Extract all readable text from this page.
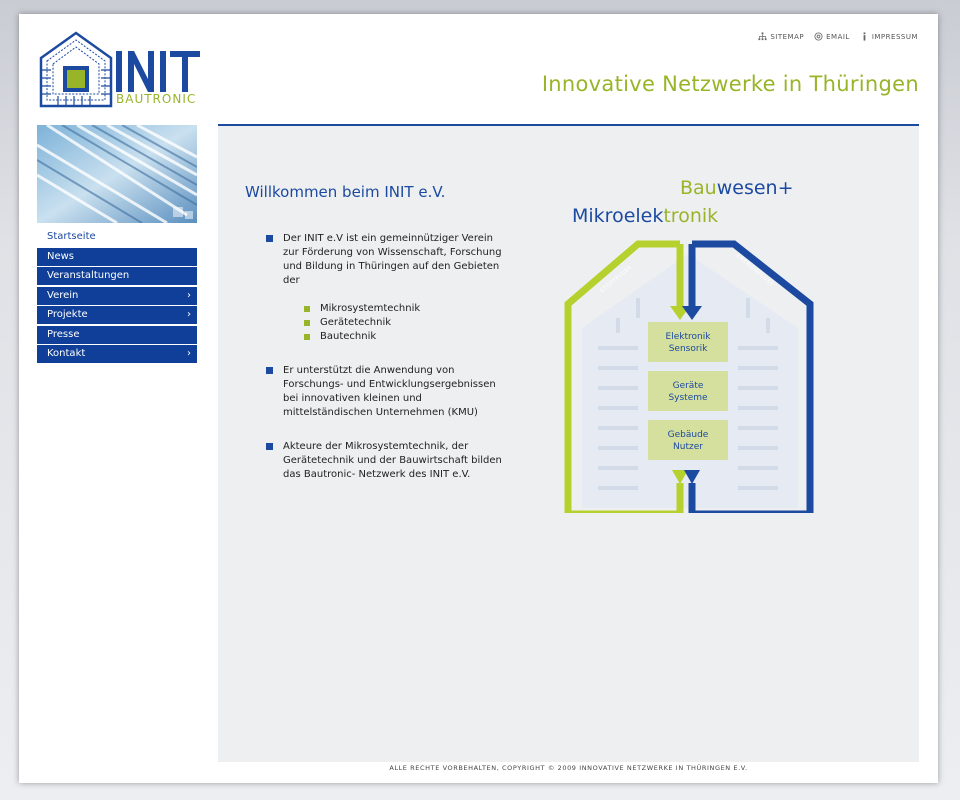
SITEMAP	EMAIL	IMPRESSUM
BAUTRONIC
Innovative Netzwerke in Thüringen
Startseite
News
Veranstaltungen
Verein	›
Projekte	›
Presse
Kontakt	›
Willkommen beim INIT e.V.
Der INIT e.V ist ein gemeinnütziger Verein zur Förderung von Wissenschaft, Forschung und Bildung in Thüringen auf den Gebieten der
Mikrosystemtechnik
Gerätetechnik
Bautechnik
Er unterstützt die Anwendung von Forschungs- und Entwicklungsergebnissen bei innovativen kleinen und mittelständischen Unternehmen (KMU)
Akteure der Mikrosystemtechnik, der Gerätetechnik und der Bauwirtschaft bilden das Bautronic- Netzwerk des INIT e.V.
Bauwesen+
Mikroelektronik
STOFFFLUSS	ENERGIEFLUSS
Elektronik
Sensorik
Geräte
Systeme
Gebäude
Nutzer
ALLE RECHTE VORBEHALTEN, COPYRIGHT © 2009 INNOVATIVE NETZWERKE IN THÜRINGEN E.V.
